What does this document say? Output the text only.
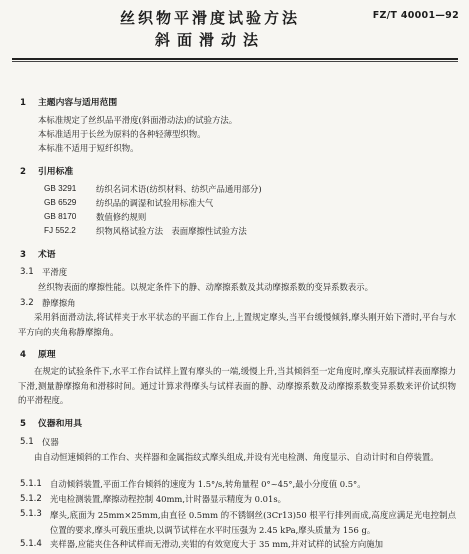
丝织物平滑度试验方法
斜面滑动法
FZ/T 40001—92
1 主题内容与适用范围
本标准规定了丝织品平滑度(斜面滑动法)的试验方法。
本标准适用于长丝为原料的各种轻薄型织物。
本标准不适用于短纤织物。
2 引用标准
GB 3291 纺织名词术语(纺织材料、纺织产品通用部分)
GB 6529 纺织品的调湿和试验用标准大气
GB 8170 数值修约规则
FJ 552.2 织物风格试验方法　表面摩擦性试验方法
3 术语
3.1 平滑度
丝织物表面的摩擦性能。以规定条件下的静、动摩擦系数及其动摩擦系数的变异系数表示。
3.2 静摩擦角
采用斜面滑动法,将试样夹于水平状态的平面工作台上,上置规定摩头,当平台缓慢倾斜,摩头刚开始下滑时,平台与水平方向的夹角称静摩擦角。
4 原理
在规定的试验条件下,水平工作台试样上置有摩头的一端,缓慢上升,当其倾斜至一定角度时,摩头克服试样表面摩擦力下滑,测量静摩擦角和滑移时间。通过计算求得摩头与试样表面的静、动摩擦系数及动摩擦系数变异系数来评价试织物的平滑程度。
5 仪器和用具
5.1 仪器
由自动恒速倾斜的工作台、夹样器和金属指纹式摩头组成,并设有光电检测、角度显示、自动计时和自停装置。
5.1.1 自动倾斜装置,平面工作台倾斜的速度为 1.5°/s,转角量程 0°~45°,最小分度值 0.5°。
5.1.2 光电检测装置,摩擦动程控制 40mm,计时器显示精度为 0.01s。
5.1.3 摩头,底面为 25mm×25mm,由直径 0.5mm 的不锈钢丝(3Cr13)50 根平行排列而成,高度应满足光电控制点位置的要求,摩头可载压重块,以调节试样在水平时压强为 2.45 kPa,摩头质量为 156 g。
5.1.4 夹样器,应能夹住各种试样而无滑动,夹钳的有效宽度大于 35 mm,并对试样的试验方向施加
